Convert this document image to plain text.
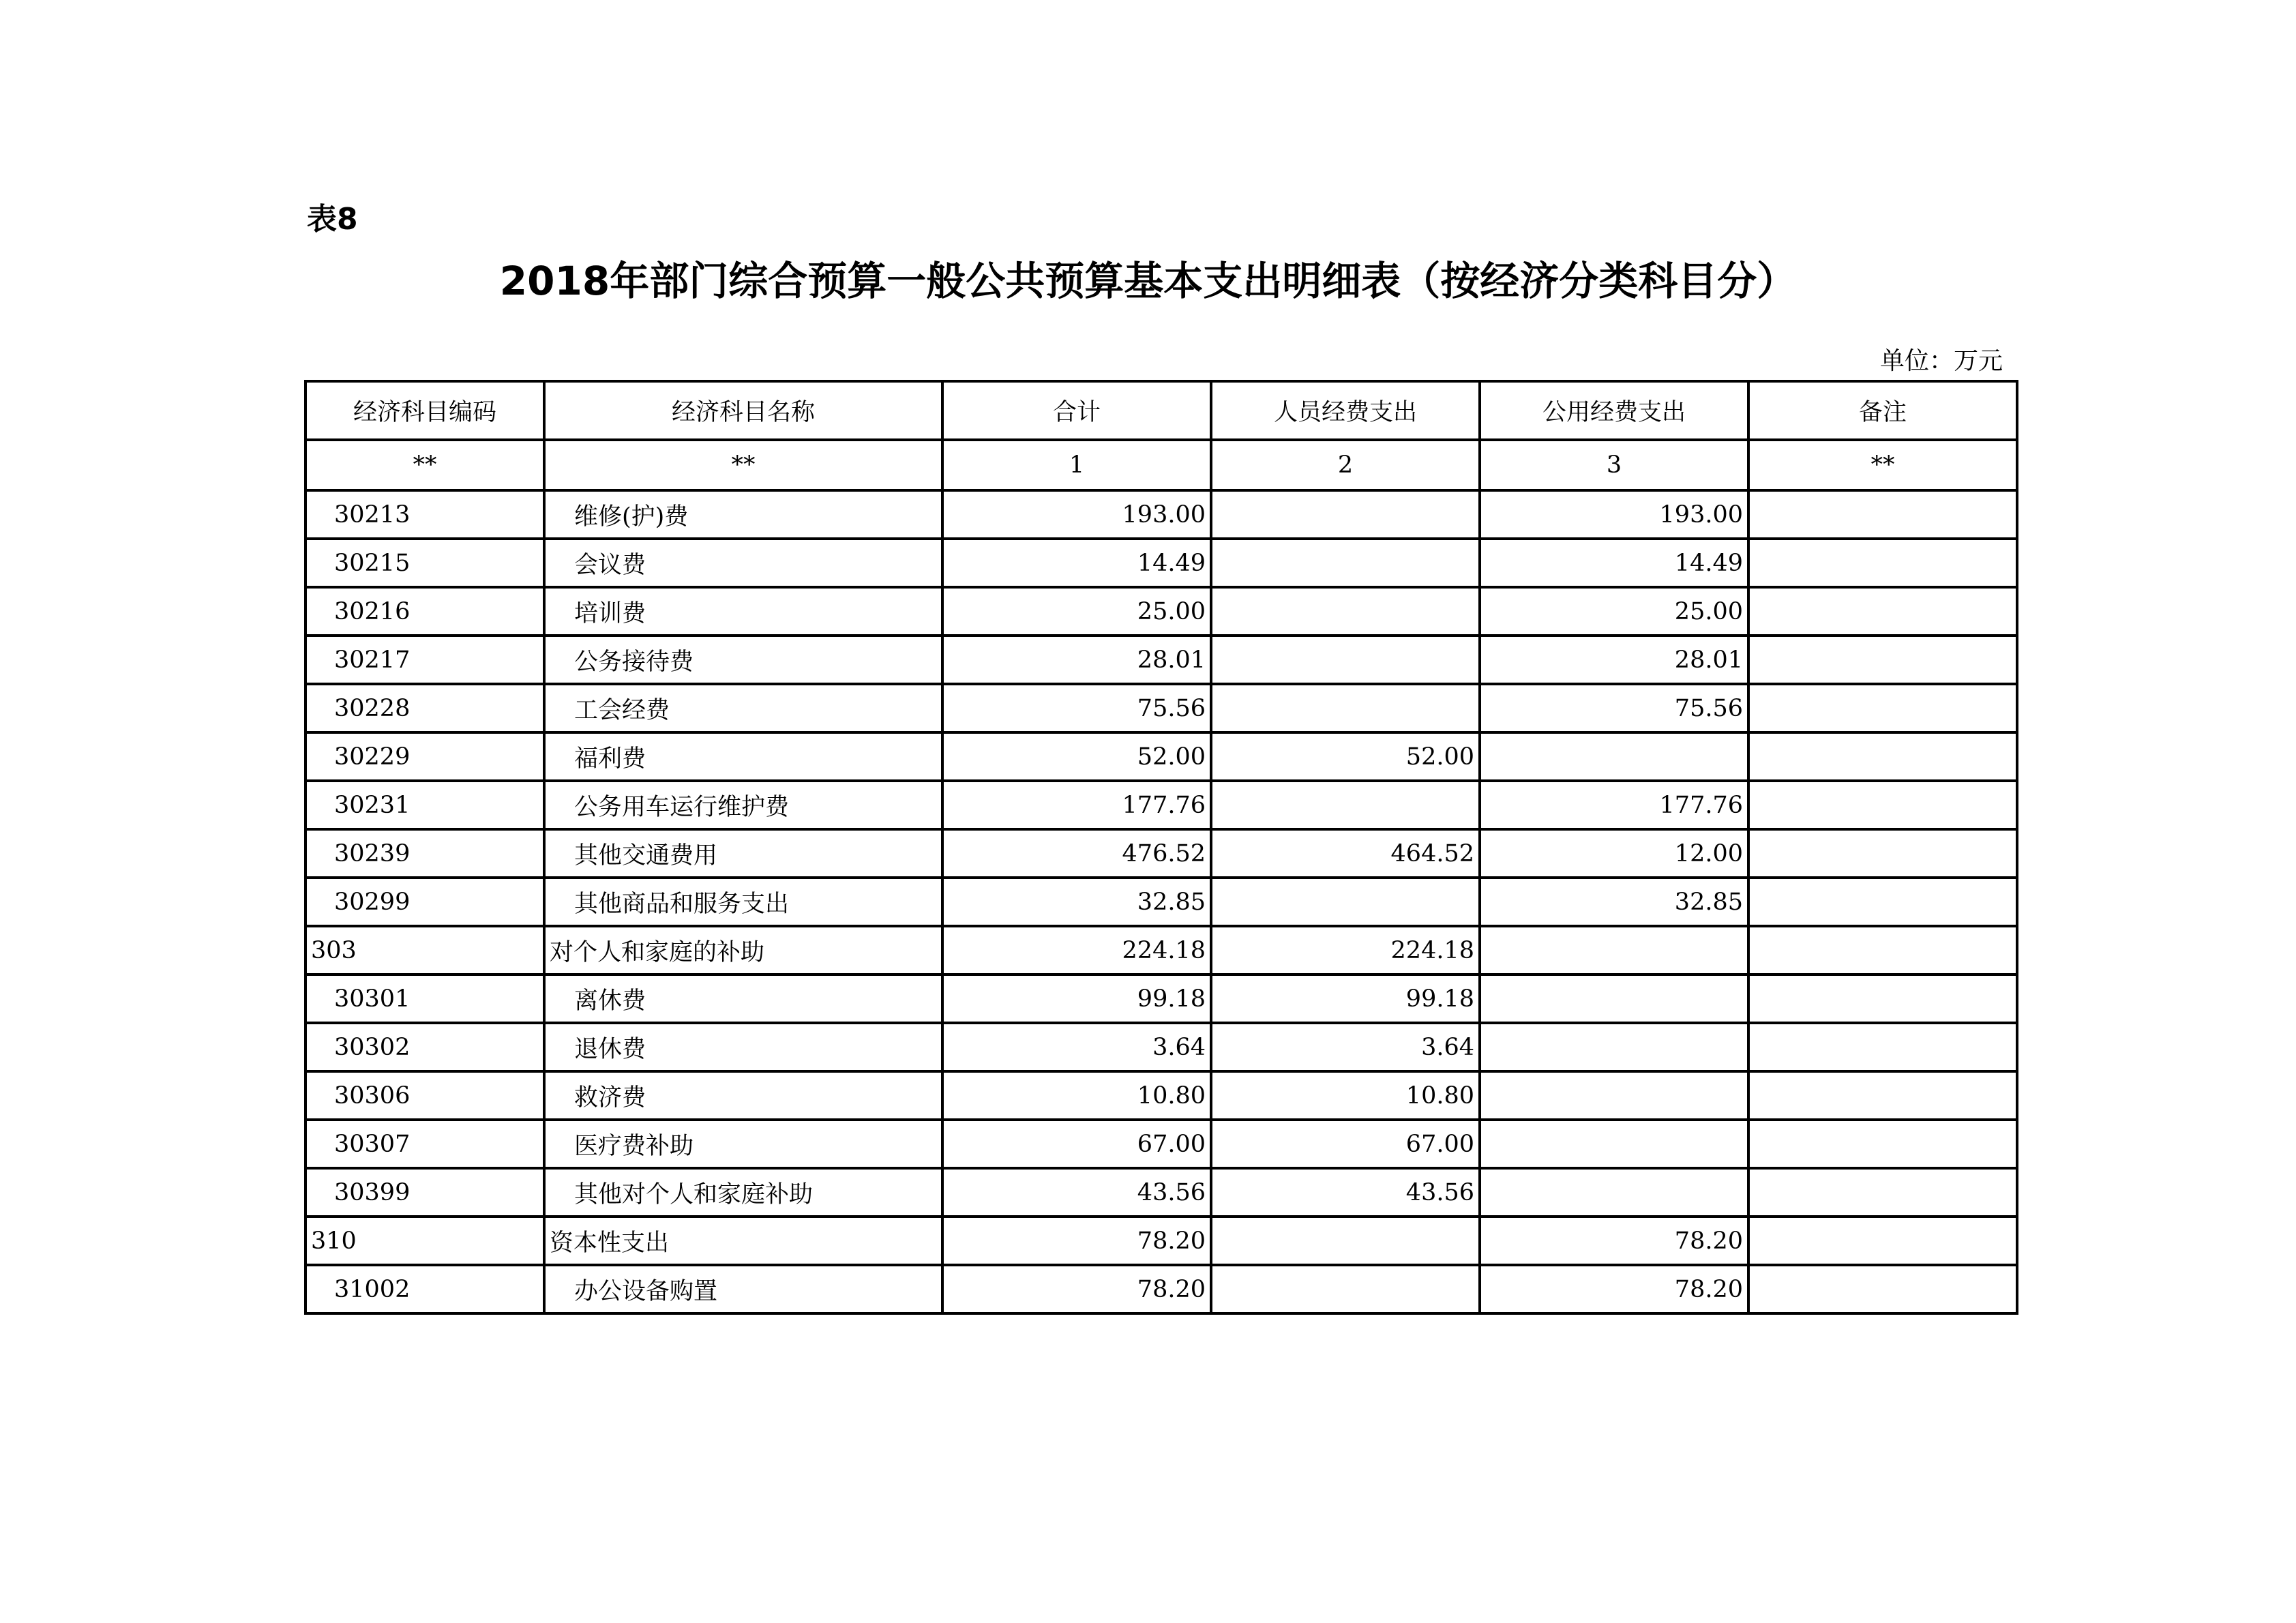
表8
2018年部门综合预算一般公共预算基本支出明细表（按经济分类科目分）
单位：万元
经济科目编码	经济科目名称	合计	人员经费支出	公用经费支出	备注
**	**	1	2	3	**
30213	维修(护)费	193.00		193.00	
30215	会议费	14.49		14.49	
30216	培训费	25.00		25.00	
30217	公务接待费	28.01		28.01	
30228	工会经费	75.56		75.56	
30229	福利费	52.00	52.00		
30231	公务用车运行维护费	177.76		177.76	
30239	其他交通费用	476.52	464.52	12.00	
30299	其他商品和服务支出	32.85		32.85	
303	对个人和家庭的补助	224.18	224.18		
30301	离休费	99.18	99.18		
30302	退休费	3.64	3.64		
30306	救济费	10.80	10.80		
30307	医疗费补助	67.00	67.00		
30399	其他对个人和家庭补助	43.56	43.56		
310	资本性支出	78.20		78.20	
31002	办公设备购置	78.20		78.20	
